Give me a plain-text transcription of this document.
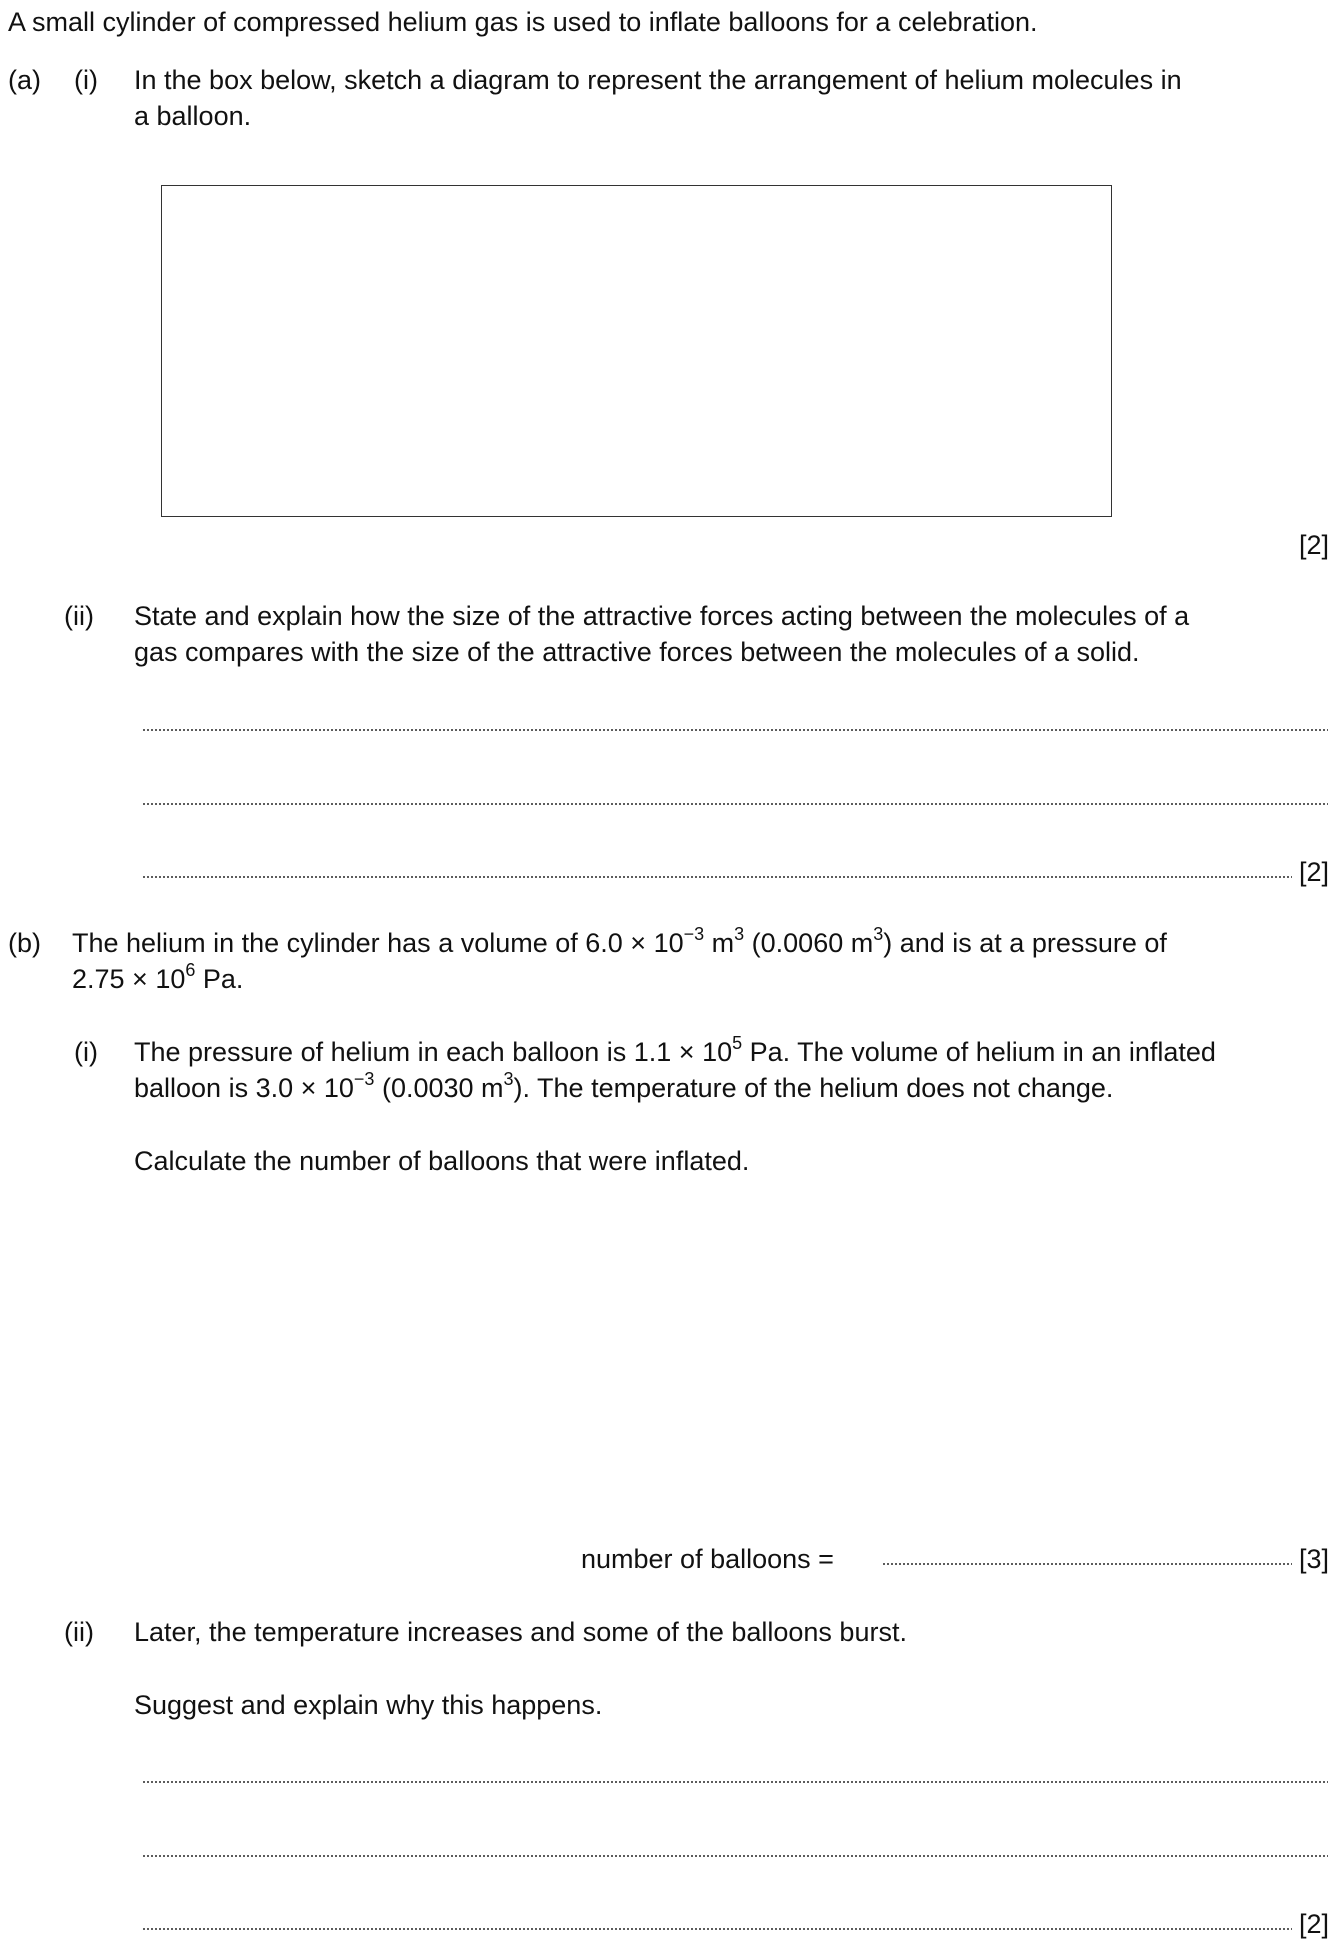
A small cylinder of compressed helium gas is used to inflate balloons for a celebration.
(a) (i) In the box below, sketch a diagram to represent the arrangement of helium molecules in
a balloon.
[2]
(ii) State and explain how the size of the attractive forces acting between the molecules of a
gas compares with the size of the attractive forces between the molecules of a solid.
[2]
(b) The helium in the cylinder has a volume of $6.0 \times 10^{-3}$ $m^3$ (0.0060 $m^3$) and is at a pressure of
$2.75 \times 10^6$ Pa.
(i) The pressure of helium in each balloon is $1.1 \times 10^5$ Pa. The volume of helium in an inflated
balloon is $3.0 \times 10^{-3}$ (0.0030 $m^3$). The temperature of the helium does not change.
Calculate the number of balloons that were inflated.
number of balloons =	[3]
(ii) Later, the temperature increases and some of the balloons burst.
Suggest and explain why this happens.
[2]
